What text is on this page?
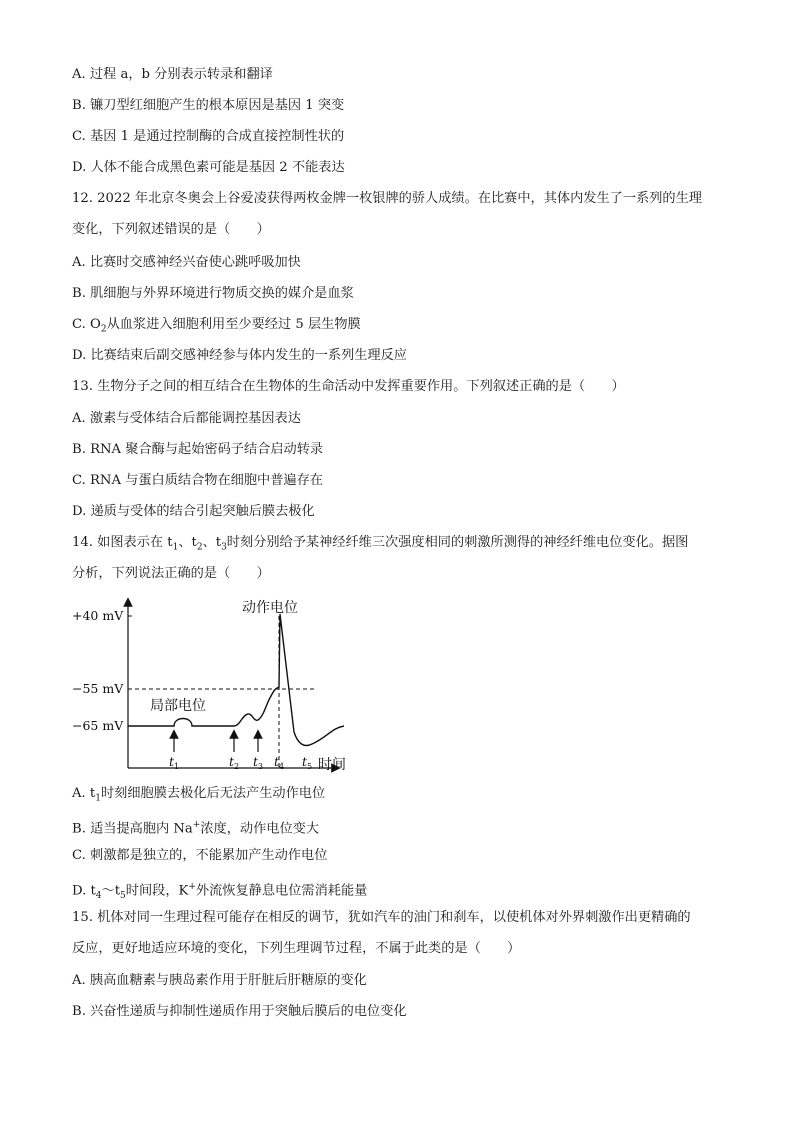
A. 过程 a，b 分别表示转录和翻译
B. 镰刀型红细胞产生的根本原因是基因 1 突变
C. 基因 1 是通过控制酶的合成直接控制性状的
D. 人体不能合成黑色素可能是基因 2 不能表达
12. 2022 年北京冬奥会上谷爱凌获得两枚金牌一枚银牌的骄人成绩。在比赛中，其体内发生了一系列的生理
变化，下列叙述错误的是（　　）
A. 比赛时交感神经兴奋使心跳呼吸加快
B. 肌细胞与外界环境进行物质交换的媒介是血浆
C. $O_2$从血浆进入细胞利用至少要经过 5 层生物膜
D. 比赛结束后副交感神经参与体内发生的一系列生理反应
13. 生物分子之间的相互结合在生物体的生命活动中发挥重要作用。下列叙述正确的是（　　）
A. 激素与受体结合后都能调控基因表达
B. RNA 聚合酶与起始密码子结合启动转录
C. RNA 与蛋白质结合物在细胞中普遍存在
D. 递质与受体的结合引起突触后膜去极化
14. 如图表示在 $t_1$、$t_2$、$t_3$时刻分别给予某神经纤维三次强度相同的刺激所测得的神经纤维电位变化。据图
分析，下列说法正确的是（　　）
+40 mV
−55 mV
−65 mV
动作电位
局部电位
$t_1$	$t_2$ $t_3$ $t_4$ $t_5$ 时间
A. $t_1$时刻细胞膜去极化后无法产生动作电位
B. 适当提高胞内 Na+浓度，动作电位变大
C. 刺激都是独立的，不能累加产生动作电位
D. $t_4\sim t_5$时间段，K+外流恢复静息电位需消耗能量
15. 机体对同一生理过程可能存在相反的调节，犹如汽车的油门和刹车，以使机体对外界刺激作出更精确的
反应，更好地适应环境的变化，下列生理调节过程，不属于此类的是（　　）
A. 胰高血糖素与胰岛素作用于肝脏后肝糖原的变化
B. 兴奋性递质与抑制性递质作用于突触后膜后的电位变化
